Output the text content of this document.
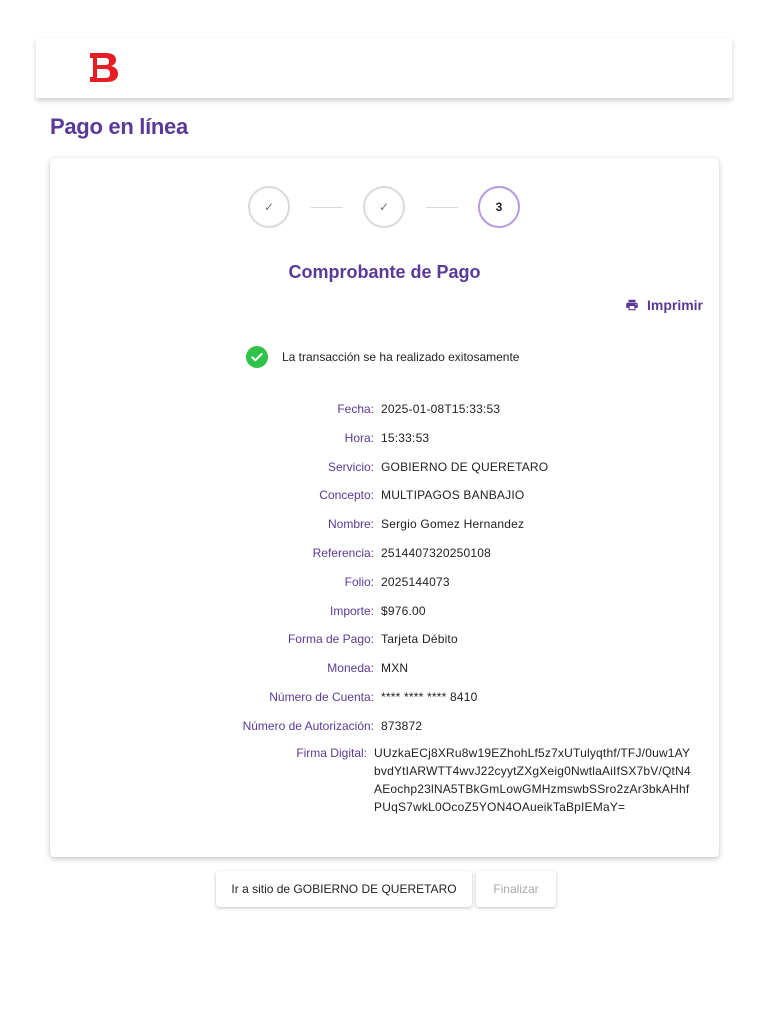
Pago en línea
✓	✓	3
Comprobante de Pago
Imprimir
La transacción se ha realizado exitosamente
Fecha: 2025-01-08T15:33:53
Hora: 15:33:53
Servicio: GOBIERNO DE QUERETARO
Concepto: MULTIPAGOS BANBAJIO
Nombre: Sergio Gomez Hernandez
Referencia: 2514407320250108
Folio: 2025144073
Importe: $976.00
Forma de Pago: Tarjeta Débito
Moneda: MXN
Número de Cuenta: **** **** **** 8410
Número de Autorización: 873872
Firma Digital: UUzkaECj8XRu8w19EZhohLf5z7xUTulyqthf/TFJ/0uw1AYbvdYtIARWTT4wvJ22cyytZXgXeig0NwtlaAiIfSX7bV/QtN4AEochp23lNA5TBkGmLowGMHzmswbSSro2zAr3bkAHhfPUqS7wkL0OcoZ5YON4OAueikTaBpIEMaY=
Ir a sitio de GOBIERNO DE QUERETARO	Finalizar
